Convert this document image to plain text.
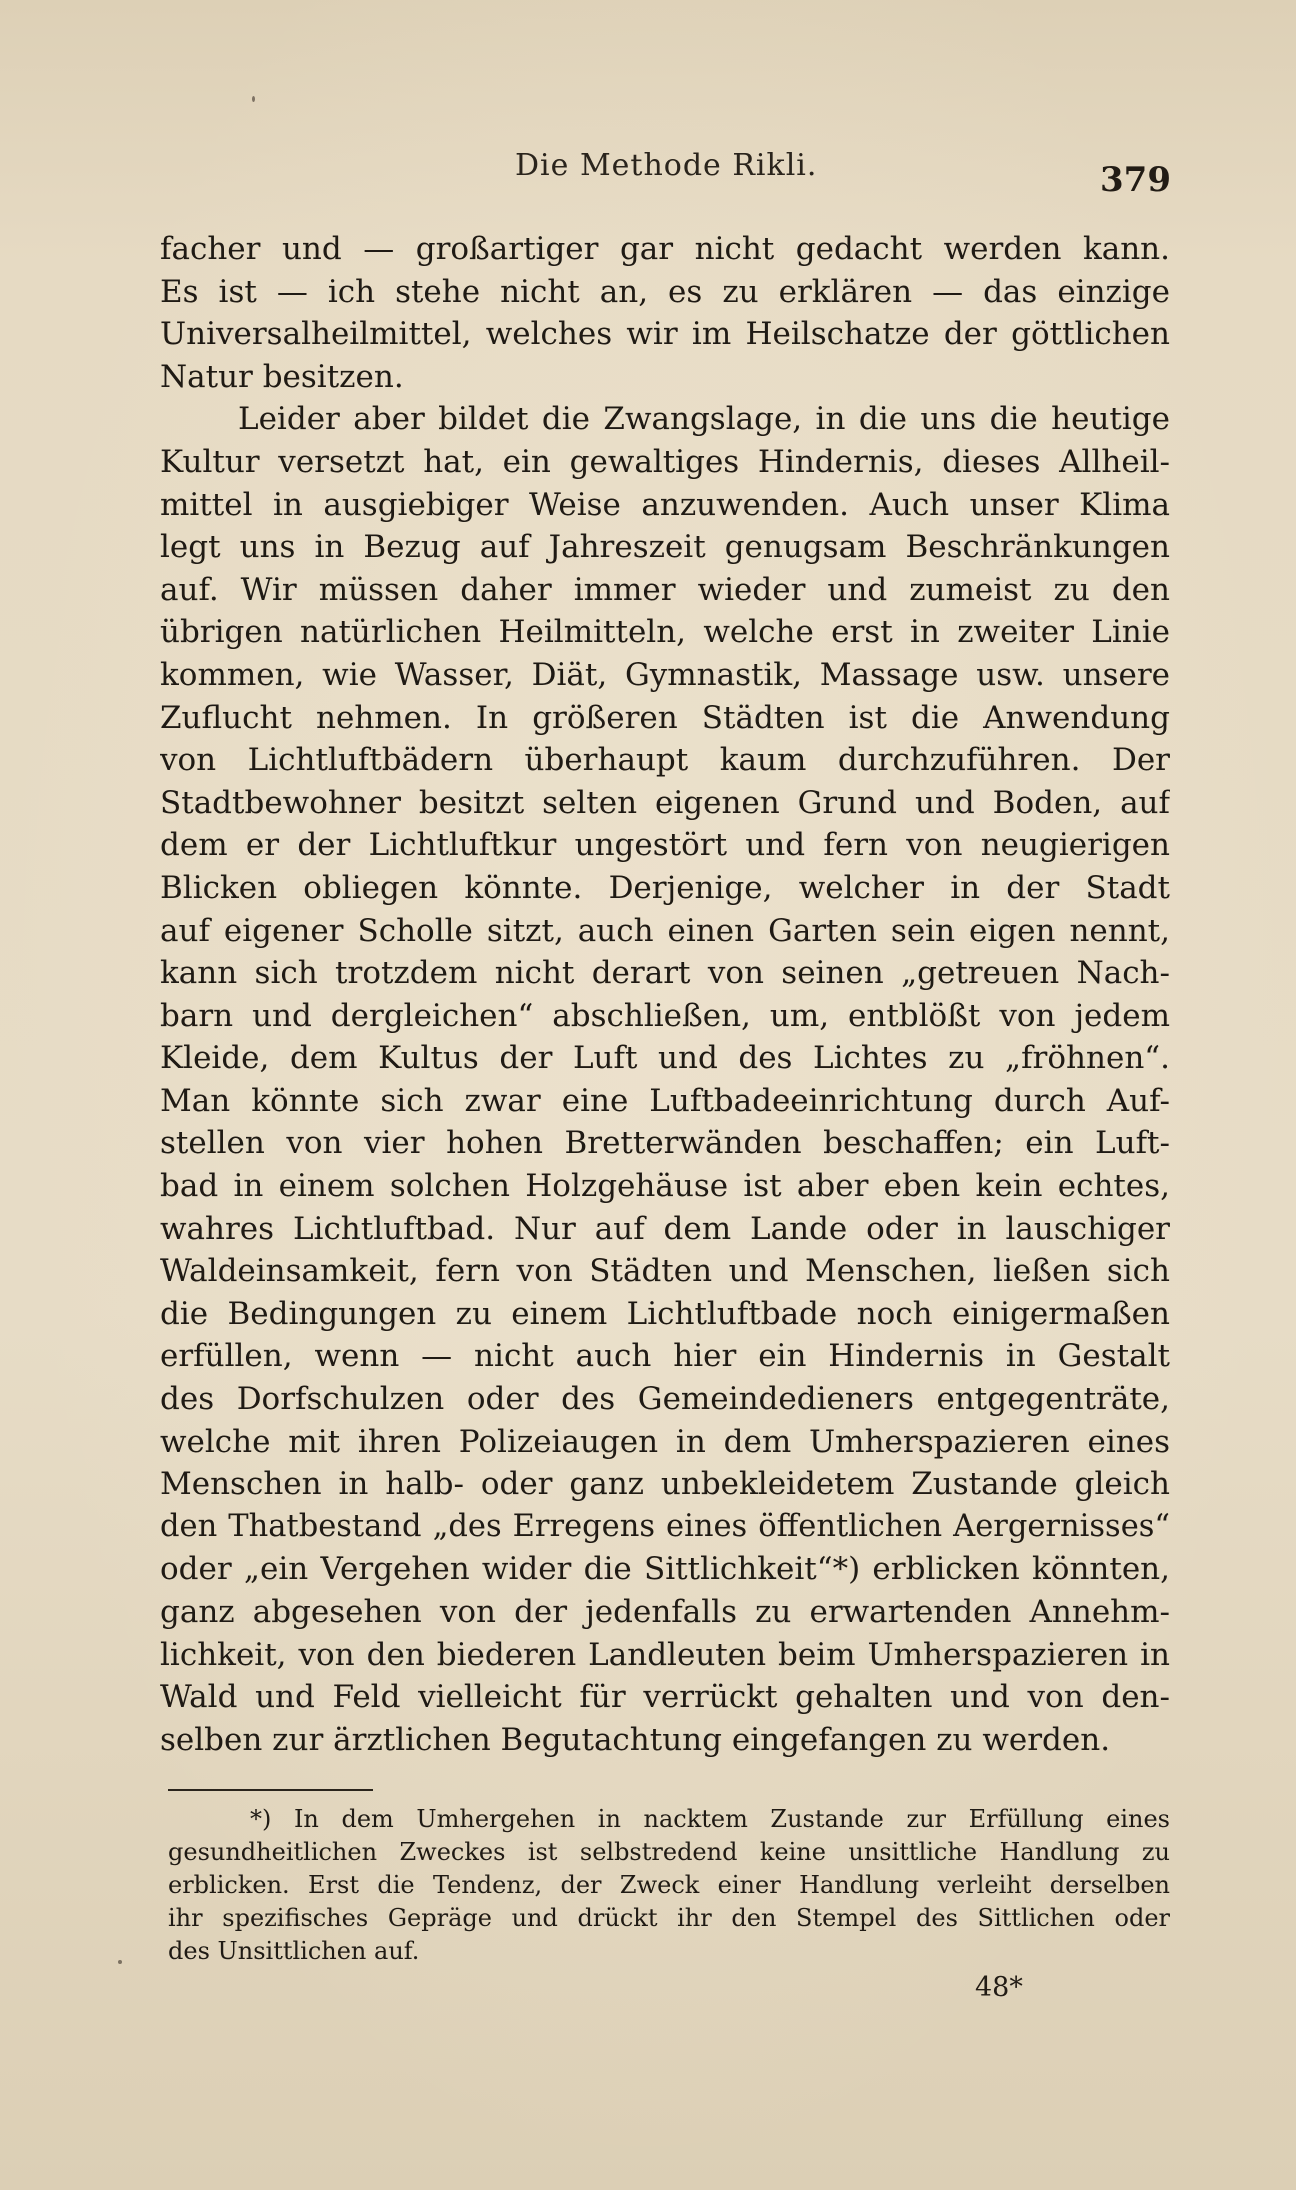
Die Methode Rikli.	379
facher und — großartiger gar nicht gedacht werden kann.
Es ist — ich stehe nicht an, es zu erklären — das einzige
Universalheilmittel, welches wir im Heilschatze der göttlichen
Natur besitzen.
Leider aber bildet die Zwangslage, in die uns die heutige
Kultur versetzt hat, ein gewaltiges Hindernis, dieses Allheil-
mittel in ausgiebiger Weise anzuwenden. Auch unser Klima
legt uns in Bezug auf Jahreszeit genugsam Beschränkungen
auf. Wir müssen daher immer wieder und zumeist zu den
übrigen natürlichen Heilmitteln, welche erst in zweiter Linie
kommen, wie Wasser, Diät, Gymnastik, Massage usw. unsere
Zuflucht nehmen. In größeren Städten ist die Anwendung
von Lichtluftbädern überhaupt kaum durchzuführen. Der
Stadtbewohner besitzt selten eigenen Grund und Boden, auf
dem er der Lichtluftkur ungestört und fern von neugierigen
Blicken obliegen könnte. Derjenige, welcher in der Stadt
auf eigener Scholle sitzt, auch einen Garten sein eigen nennt,
kann sich trotzdem nicht derart von seinen „getreuen Nach-
barn und dergleichen“ abschließen, um, entblößt von jedem
Kleide, dem Kultus der Luft und des Lichtes zu „fröhnen“.
Man könnte sich zwar eine Luftbadeeinrichtung durch Auf-
stellen von vier hohen Bretterwänden beschaffen; ein Luft-
bad in einem solchen Holzgehäuse ist aber eben kein echtes,
wahres Lichtluftbad. Nur auf dem Lande oder in lauschiger
Waldeinsamkeit, fern von Städten und Menschen, ließen sich
die Bedingungen zu einem Lichtluftbade noch einigermaßen
erfüllen, wenn — nicht auch hier ein Hindernis in Gestalt
des Dorfschulzen oder des Gemeindedieners entgegenträte,
welche mit ihren Polizeiaugen in dem Umherspazieren eines
Menschen in halb- oder ganz unbekleidetem Zustande gleich
den Thatbestand „des Erregens eines öffentlichen Aergernisses“
oder „ein Vergehen wider die Sittlichkeit“*) erblicken könnten,
ganz abgesehen von der jedenfalls zu erwartenden Annehm-
lichkeit, von den biederen Landleuten beim Umherspazieren in
Wald und Feld vielleicht für verrückt gehalten und von den-
selben zur ärztlichen Begutachtung eingefangen zu werden.
*) In dem Umhergehen in nacktem Zustande zur Erfüllung eines
gesundheitlichen Zweckes ist selbstredend keine unsittliche Handlung zu
erblicken. Erst die Tendenz, der Zweck einer Handlung verleiht derselben
ihr spezifisches Gepräge und drückt ihr den Stempel des Sittlichen oder
des Unsittlichen auf.
48*
